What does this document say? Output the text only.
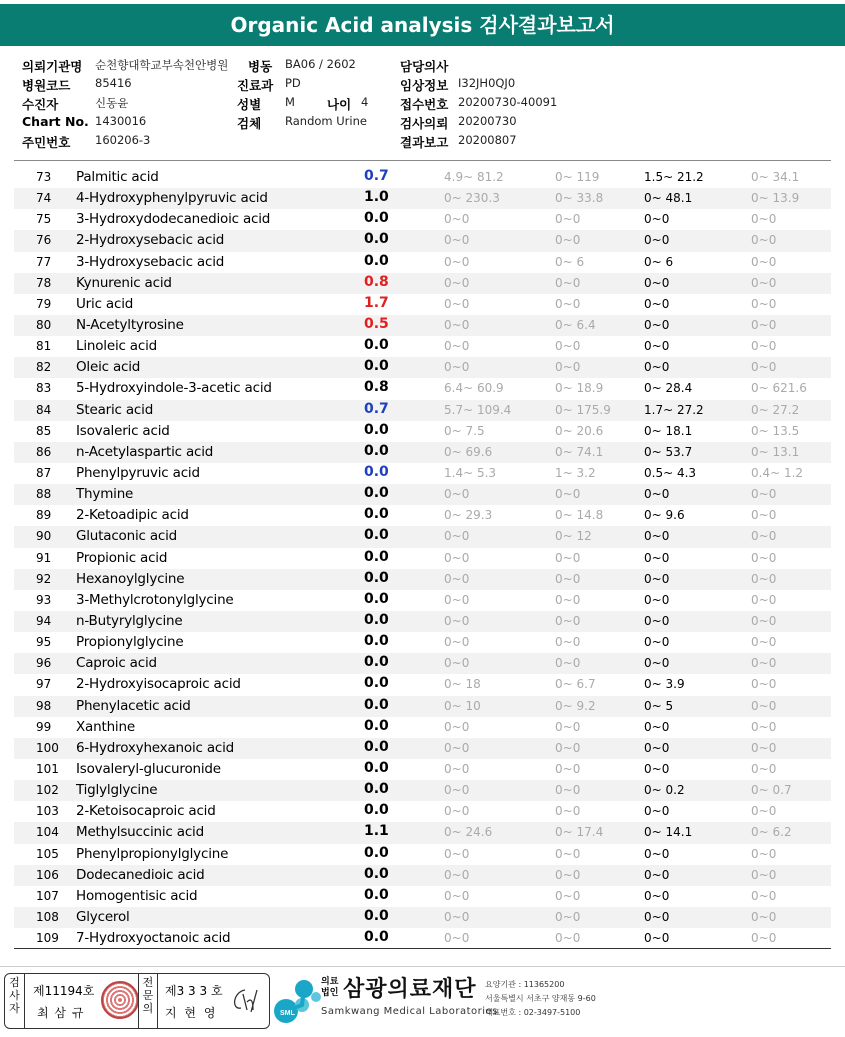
Organic Acid analysis 검사결과보고서
의뢰기관명 순천향대학교부속천안병원 병동 BA06 / 2602	담당의사
병원코드 85416	진료과 PD	임상정보 I32JH0QJ0
수진자	신동윤	성별 M	나이 4	접수번호 20200730-40091
Chart No. 1430016	검체 Random Urine	검사의뢰 20200730
주민번호 160206-3	결과보고 20200807
73 Palmitic acid	0.7	4.9~ 81.2	0~ 119	1.5~ 21.2	0~ 34.1
74 4-Hydroxyphenylpyruvic acid	1.0	0~ 230.3	0~ 33.8	0~ 48.1	0~ 13.9
75 3-Hydroxydodecanedioic acid	0.0	0~0	0~0	0~0	0~0
76 2-Hydroxysebacic acid	0.0	0~0	0~0	0~0	0~0
77 3-Hydroxysebacic acid	0.0	0~0	0~ 6	0~ 6	0~0
78 Kynurenic acid	0.8	0~0	0~0	0~0	0~0
79 Uric acid	1.7	0~0	0~0	0~0	0~0
80 N-Acetyltyrosine	0.5	0~0	0~ 6.4	0~0	0~0
81 Linoleic acid	0.0	0~0	0~0	0~0	0~0
82 Oleic acid	0.0	0~0	0~0	0~0	0~0
83 5-Hydroxyindole-3-acetic acid	0.8	6.4~ 60.9	0~ 18.9	0~ 28.4	0~ 621.6
84 Stearic acid	0.7	5.7~ 109.4	0~ 175.9	1.7~ 27.2	0~ 27.2
85 Isovaleric acid	0.0	0~ 7.5	0~ 20.6	0~ 18.1	0~ 13.5
86 n-Acetylaspartic acid	0.0	0~ 69.6	0~ 74.1	0~ 53.7	0~ 13.1
87 Phenylpyruvic acid	0.0	1.4~ 5.3	1~ 3.2	0.5~ 4.3	0.4~ 1.2
88 Thymine	0.0	0~0	0~0	0~0	0~0
89 2-Ketoadipic acid	0.0	0~ 29.3	0~ 14.8	0~ 9.6	0~0
90 Glutaconic acid	0.0	0~0	0~ 12	0~0	0~0
91 Propionic acid	0.0	0~0	0~0	0~0	0~0
92 Hexanoylglycine	0.0	0~0	0~0	0~0	0~0
93 3-Methylcrotonylglycine	0.0	0~0	0~0	0~0	0~0
94 n-Butyrylglycine	0.0	0~0	0~0	0~0	0~0
95 Propionylglycine	0.0	0~0	0~0	0~0	0~0
96 Caproic acid	0.0	0~0	0~0	0~0	0~0
97 2-Hydroxyisocaproic acid	0.0	0~ 18	0~ 6.7	0~ 3.9	0~0
98 Phenylacetic acid	0.0	0~ 10	0~ 9.2	0~ 5	0~0
99 Xanthine	0.0	0~0	0~0	0~0	0~0
100 6-Hydroxyhexanoic acid	0.0	0~0	0~0	0~0	0~0
101 Isovaleryl-glucuronide	0.0	0~0	0~0	0~0	0~0
102 Tiglylglycine	0.0	0~0	0~0	0~ 0.2	0~ 0.7
103 2-Ketoisocaproic acid	0.0	0~0	0~0	0~0	0~0
104 Methylsuccinic acid	1.1	0~ 24.6	0~ 17.4	0~ 14.1	0~ 6.2
105 Phenylpropionylglycine	0.0	0~0	0~0	0~0	0~0
106 Dodecanedioic acid	0.0	0~0	0~0	0~0	0~0
107 Homogentisic acid	0.0	0~0	0~0	0~0	0~0
108 Glycerol	0.0	0~0	0~0	0~0	0~0
109 7-Hydroxyoctanoic acid	0.0	0~0	0~0	0~0	0~0
검사자
제11194호
최 삼 규
전문의
제3 3 3 호
지 현 영	SML
의료
법인 삼광의료재단
Samkwang Medical Laboratories
요양기관 : 11365200
서울특별시 서초구 양재동 9-60
대표번호 : 02-3497-5100
